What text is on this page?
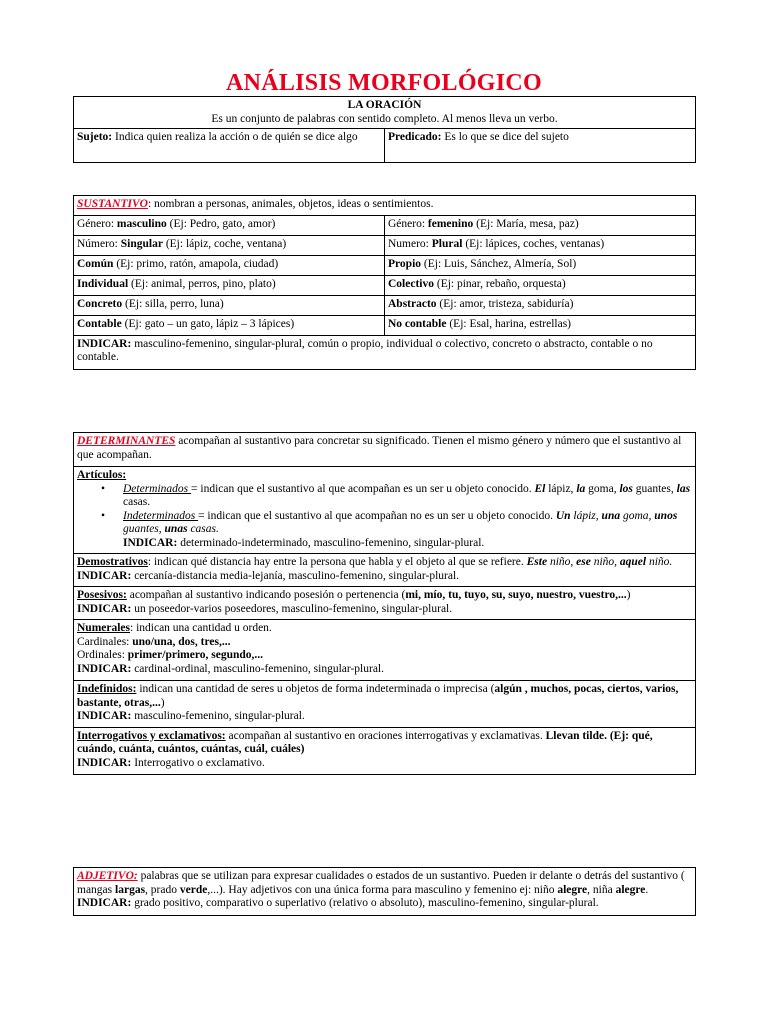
ANÁLISIS MORFOLÓGICO
LA ORACIÓN
Es un conjunto de palabras con sentido completo. Al menos lleva un verbo.

Sujeto: Indica quien realiza la acción o de quién se dice algo	Predicado: Es lo que se dice del sujeto
SUSTANTIVO: nombran a personas, animales, objetos, ideas o sentimientos.	
Género: masculino (Ej: Pedro, gato, amor)	Género: femenino (Ej: María, mesa, paz)
Número: Singular (Ej: lápiz, coche, ventana)	Numero: Plural (Ej: lápices, coches, ventanas)
Común (Ej: primo, ratón, amapola, ciudad)	Propio (Ej: Luis, Sánchez, Almería, Sol)
Individual (Ej: animal, perros, pino, plato)	Colectivo (Ej: pinar, rebaño, orquesta)
Concreto (Ej: silla, perro, luna)	Abstracto (Ej: amor, tristeza, sabiduría)
Contable (Ej: gato – un gato, lápiz – 3 lápices)	No contable (Ej: Esal, harina, estrellas)
INDICAR: masculino-femenino, singular-plural, común o propio, individual o colectivo, concreto o abstracto, contable o no contable.	
DETERMINANTES acompañan al sustantivo para concretar su significado. Tienen el mismo género y número que el sustantivo al que acompañan.

Artículos:
• Determinados = indican que el sustantivo al que acompañan es un ser u objeto conocido. El lápiz, la goma, los guantes, las casas.
• Indeterminados = indican que el sustantivo al que acompañan no es un ser u objeto conocido. Un lápiz, una goma, unos guantes, unas casas.
INDICAR: determinado-indeterminado, masculino-femenino, singular-plural.

Demostrativos: indican qué distancia hay entre la persona que habla y el objeto al que se refiere. Este niño, ese niño, aquel niño.
INDICAR: cercanía-distancia media-lejanía, masculino-femenino, singular-plural.
Posesivos: acompañan al sustantivo indicando posesión o pertenencia (mi, mío, tu, tuyo, su, suyo, nuestro, vuestro,...)
INDICAR: un poseedor-varios poseedores, masculino-femenino, singular-plural.
Numerales: indican una cantidad u orden.
Cardinales: uno/una, dos, tres,...
Ordinales: primer/primero, segundo,...
INDICAR: cardinal-ordinal, masculino-femenino, singular-plural.
Indefinidos: indican una cantidad de seres u objetos de forma indeterminada o imprecisa (algún , muchos, pocas, ciertos, varios, bastante, otras,...)
INDICAR: masculino-femenino, singular-plural.
Interrogativos y exclamativos: acompañan al sustantivo en oraciones interrogativas y exclamativas. Llevan tilde. (Ej: qué, cuándo, cuánta, cuántos, cuántas, cuál, cuáles)
INDICAR: Interrogativo o exclamativo.
ADJETIVO: palabras que se utilizan para expresar cualidades o estados de un sustantivo. Pueden ir delante o detrás del sustantivo ( mangas largas, prado verde,...). Hay adjetivos con una única forma para masculino y femenino ej: niño alegre, niña alegre.
INDICAR: grado positivo, comparativo o superlativo (relativo o absoluto), masculino-femenino, singular-plural.
